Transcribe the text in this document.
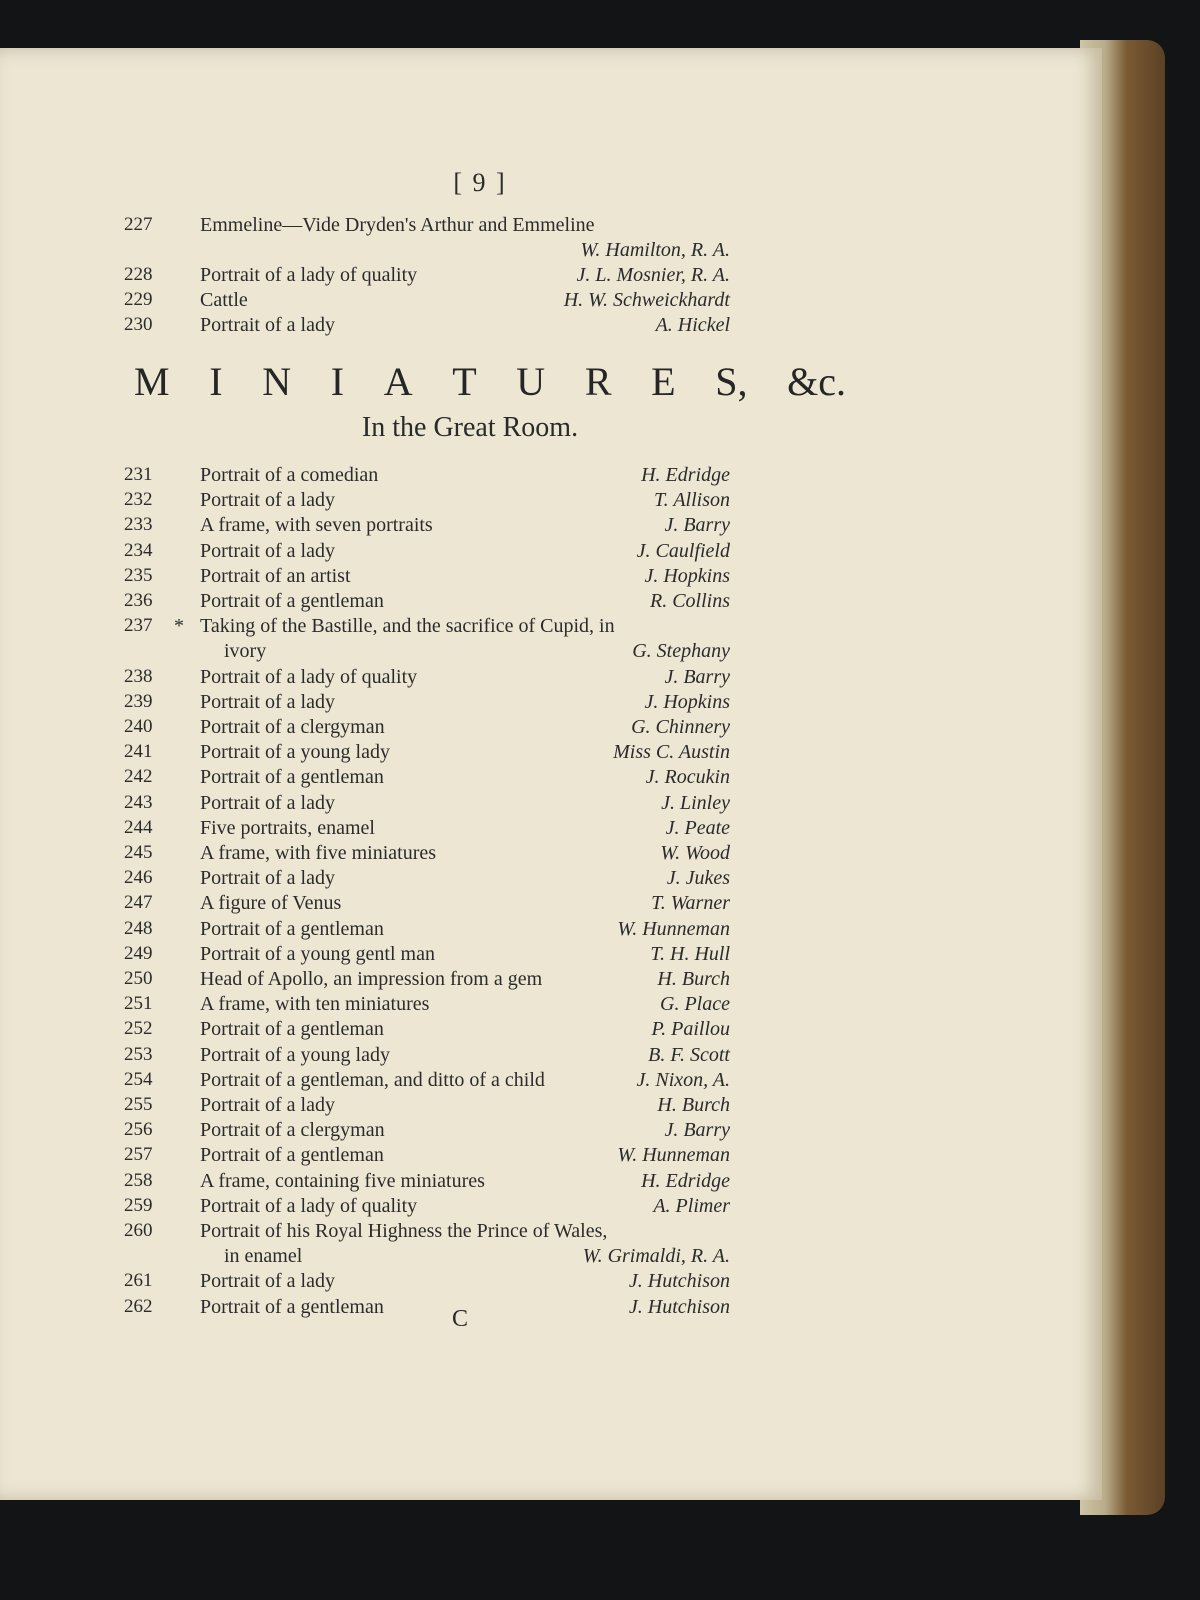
[ 9 ]
227	Emmeline—Vide Dryden's Arthur and Emmeline
W. Hamilton, R. A.
228	Portrait of a lady of quality	J. L. Mosnier, R. A.
229	Cattle	H. W. Schweickhardt
230	Portrait of a lady	A. Hickel
M I N I A T U R E S, &c.
In the Great Room.
231	Portrait of a comedian	H. Edridge
232	Portrait of a lady	T. Allison
233	A frame, with seven portraits	J. Barry
234	Portrait of a lady	J. Caulfield
235	Portrait of an artist	J. Hopkins
236	Portrait of a gentleman	R. Collins
237	* Taking of the Bastille, and the sacrifice of Cupid, in
ivory	G. Stephany
238	Portrait of a lady of quality	J. Barry
239	Portrait of a lady	J. Hopkins
240	Portrait of a clergyman	G. Chinnery
241	Portrait of a young lady	Miss C. Austin
242	Portrait of a gentleman	J. Rocukin
243	Portrait of a lady	J. Linley
244	Five portraits, enamel	J. Peate
245	A frame, with five miniatures	W. Wood
246	Portrait of a lady	J. Jukes
247	A figure of Venus	T. Warner
248	Portrait of a gentleman	W. Hunneman
249	Portrait of a young gentl man	T. H. Hull
250	Head of Apollo, an impression from a gem	H. Burch
251	A frame, with ten miniatures	G. Place
252	Portrait of a gentleman	P. Paillou
253	Portrait of a young lady	B. F. Scott
254	Portrait of a gentleman, and ditto of a child	J. Nixon, A.
255	Portrait of a lady	H. Burch
256	Portrait of a clergyman	J. Barry
257	Portrait of a gentleman	W. Hunneman
258	A frame, containing five miniatures	H. Edridge
259	Portrait of a lady of quality	A. Plimer
260	Portrait of his Royal Highness the Prince of Wales,
in enamel	W. Grimaldi, R. A.
261	Portrait of a lady	J. Hutchison
262	Portrait of a gentleman	J. Hutchison
C
